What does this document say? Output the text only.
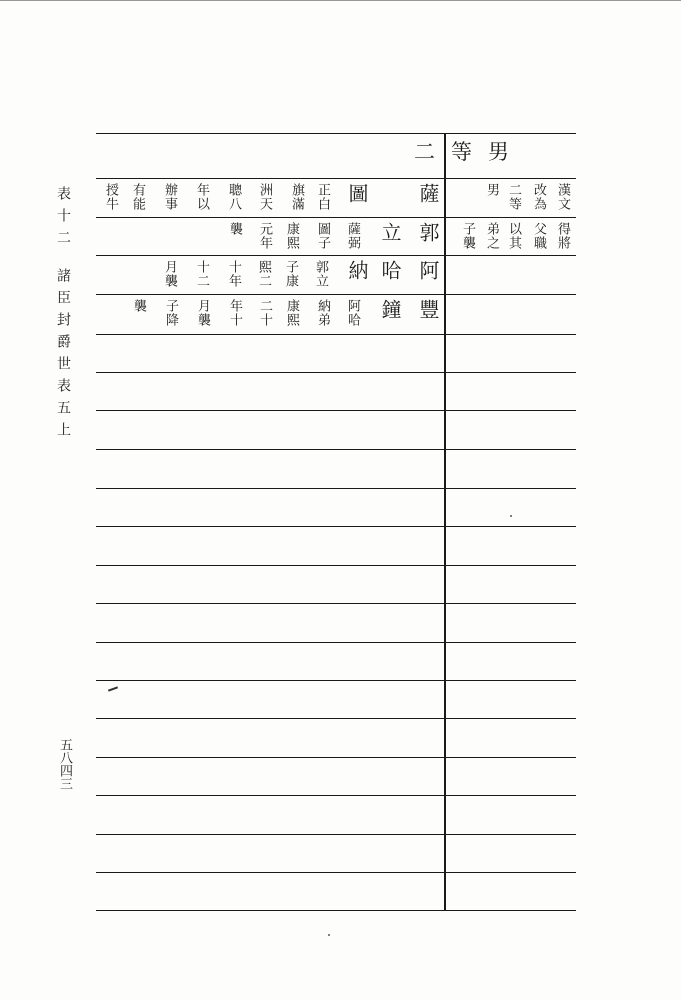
表十二
諸臣封爵世表五上
五八四三
二等男
薩
圖
正白
旗滿
洲天
聰八
年以
辦事
有能
授牛
郭
立
薩弼
圖子
康熙
元年
襲
阿
哈
納
郭立
子康
熙二
十年
十二
月襲
豐
鐘
阿哈
納弟
康熙
二十
年十
月襲
子降
襲
漢文
改為
二等
男
得將
父職
以其
弟之
子襲
